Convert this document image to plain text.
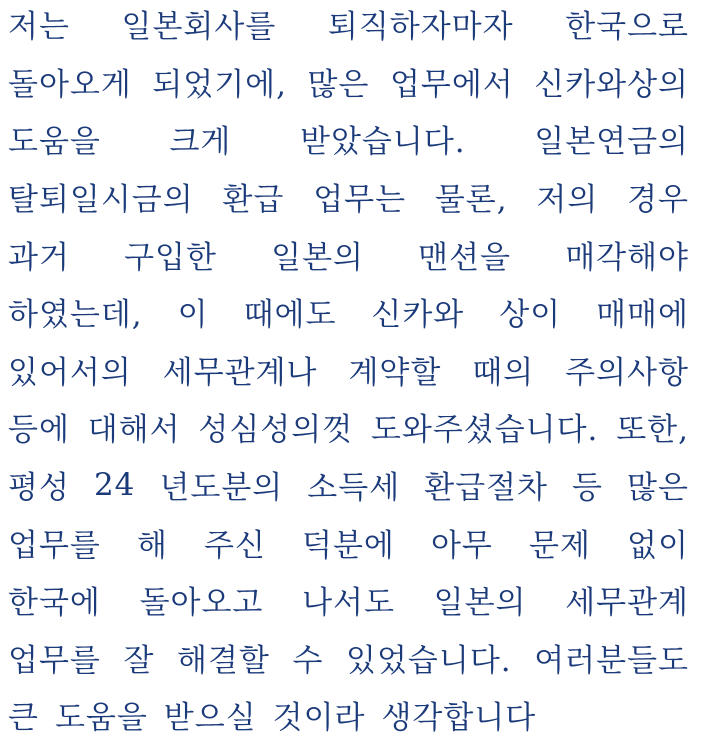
저는 일본회사를 퇴직하자마자 한국으로
돌아오게 되었기에, 많은 업무에서 신카와상의
도움을 크게 받았습니다. 일본연금의
탈퇴일시금의 환급 업무는 물론, 저의 경우
과거 구입한 일본의 맨션을 매각해야
하였는데, 이 때에도 신카와 상이 매매에
있어서의 세무관계나 계약할 때의 주의사항
등에 대해서 성심성의껏 도와주셨습니다. 또한,
평성 24 년도분의 소득세 환급절차 등 많은
업무를 해 주신 덕분에 아무 문제 없이
한국에 돌아오고 나서도 일본의 세무관계
업무를 잘 해결할 수 있었습니다. 여러분들도
큰 도움을 받으실 것이라 생각합니다
